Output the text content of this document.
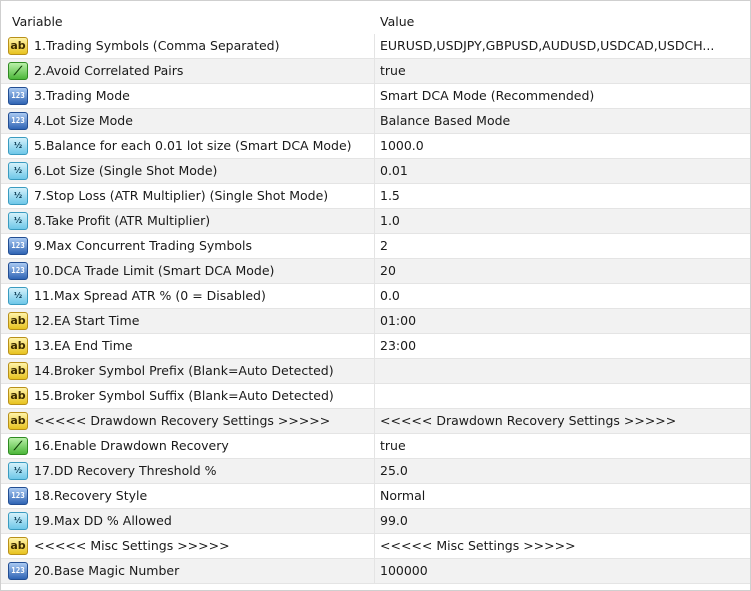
Variable	Value
ab 1.Trading Symbols (Comma Separated)	EURUSD,USDJPY,GBPUSD,AUDUSD,USDCAD,USDCH...
⟋ 2.Avoid Correlated Pairs	true
123 3.Trading Mode	Smart DCA Mode (Recommended)
123 4.Lot Size Mode	Balance Based Mode
½ 5.Balance for each 0.01 lot size (Smart DCA Mode)	1000.0
½ 6.Lot Size (Single Shot Mode)	0.01
½ 7.Stop Loss (ATR Multiplier) (Single Shot Mode)	1.5
½ 8.Take Profit (ATR Multiplier)	1.0
123 9.Max Concurrent Trading Symbols	2
123 10.DCA Trade Limit (Smart DCA Mode)	20
½ 11.Max Spread ATR % (0 = Disabled)	0.0
ab 12.EA Start Time	01:00
ab 13.EA End Time	23:00
ab 14.Broker Symbol Prefix (Blank=Auto Detected)
ab 15.Broker Symbol Suffix (Blank=Auto Detected)
ab <<<<< Drawdown Recovery Settings >>>>>	<<<<< Drawdown Recovery Settings >>>>>
⟋ 16.Enable Drawdown Recovery	true
½ 17.DD Recovery Threshold %	25.0
123 18.Recovery Style	Normal
½ 19.Max DD % Allowed	99.0
ab <<<<< Misc Settings >>>>>	<<<<< Misc Settings >>>>>
123 20.Base Magic Number	100000
